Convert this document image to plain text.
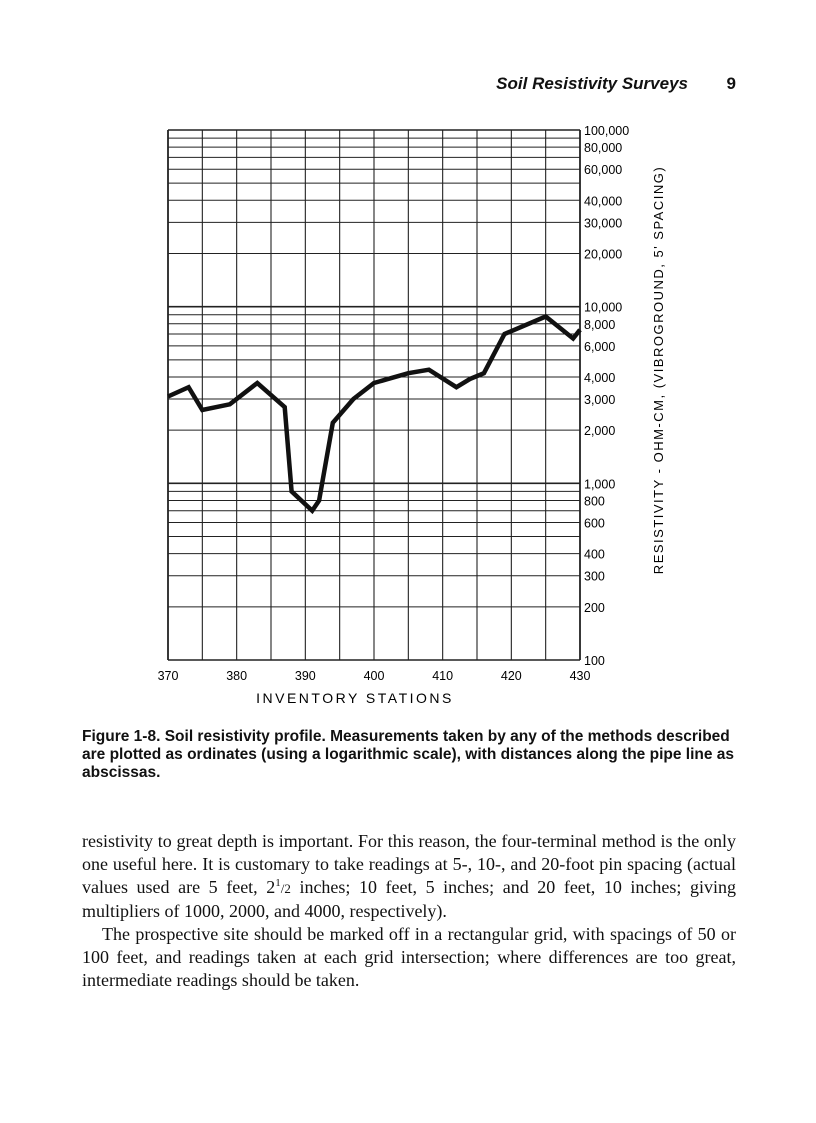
Soil Resistivity Surveys 9
100,000
80,000
60,000
40,000
30,000
20,000
10,000
8,000
6,000
4,000
3,000
2,000
1,000
800
600
400
300
200
100
370	380	390	400	410	420	430
INVENTORY STATIONS
RESISTIVITY - OHM-CM, (VIBROGROUND, 5' SPACING)

Figure 1-8. Soil resistivity profile. Measurements taken by any of the methods described are plotted as ordinates (using a logarithmic scale), with distances along the pipe line as abscissas.

resistivity to great depth is important. For this reason, the four-terminal method is the only one useful here. It is customary to take readings at 5-, 10-, and 20-foot pin spacing (actual values used are 5 feet, $2^1/2$ inches; 10 feet, 5 inches; and 20 feet, 10 inches; giving multipliers of 1000, 2000, and 4000, respectively).

The prospective site should be marked off in a rectangular grid, with spacings of 50 or 100 feet, and readings taken at each grid intersection; where differences are too great, intermediate readings should be taken.
